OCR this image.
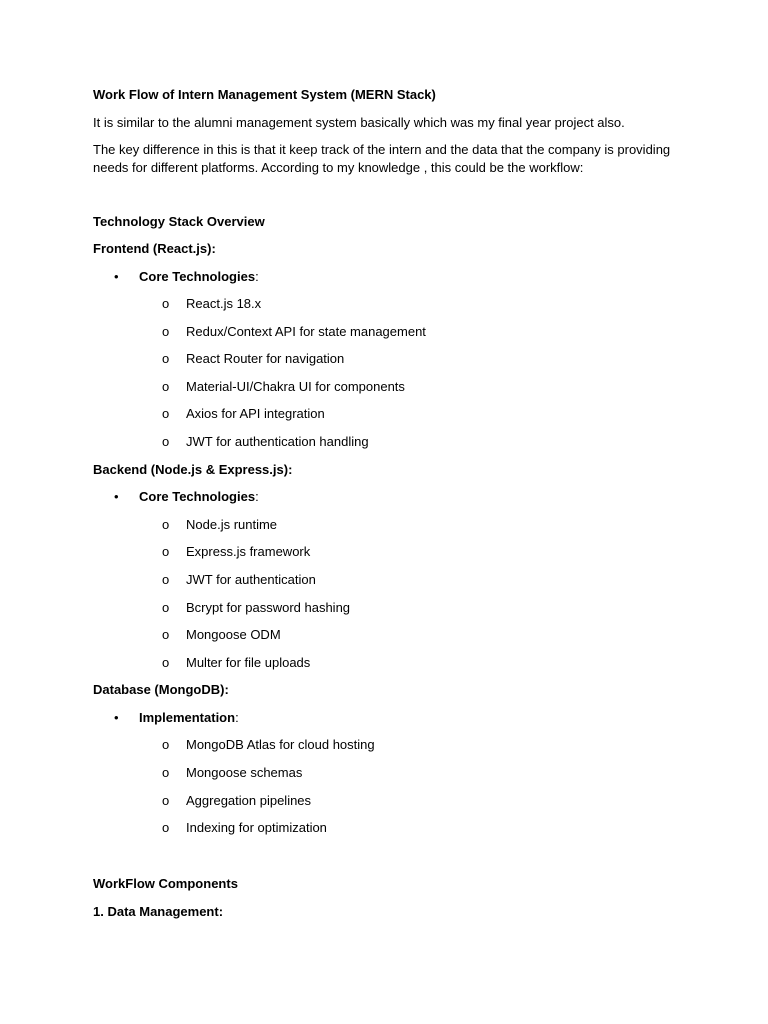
Work Flow of Intern Management System (MERN Stack)
It is similar to the alumni management system basically which was my final year project also.
The key difference in this is that it keep track of the intern and the data that the company is providing needs for different platforms. According to my knowledge , this could be the workflow:
Technology Stack Overview
Frontend (React.js):
• Core Technologies:
o React.js 18.x
o Redux/Context API for state management
o React Router for navigation
o Material-UI/Chakra UI for components
o Axios for API integration
o JWT for authentication handling
Backend (Node.js & Express.js):
• Core Technologies:
o Node.js runtime
o Express.js framework
o JWT for authentication
o Bcrypt for password hashing
o Mongoose ODM
o Multer for file uploads
Database (MongoDB):
• Implementation:
o MongoDB Atlas for cloud hosting
o Mongoose schemas
o Aggregation pipelines
o Indexing for optimization
WorkFlow Components
1. Data Management:
